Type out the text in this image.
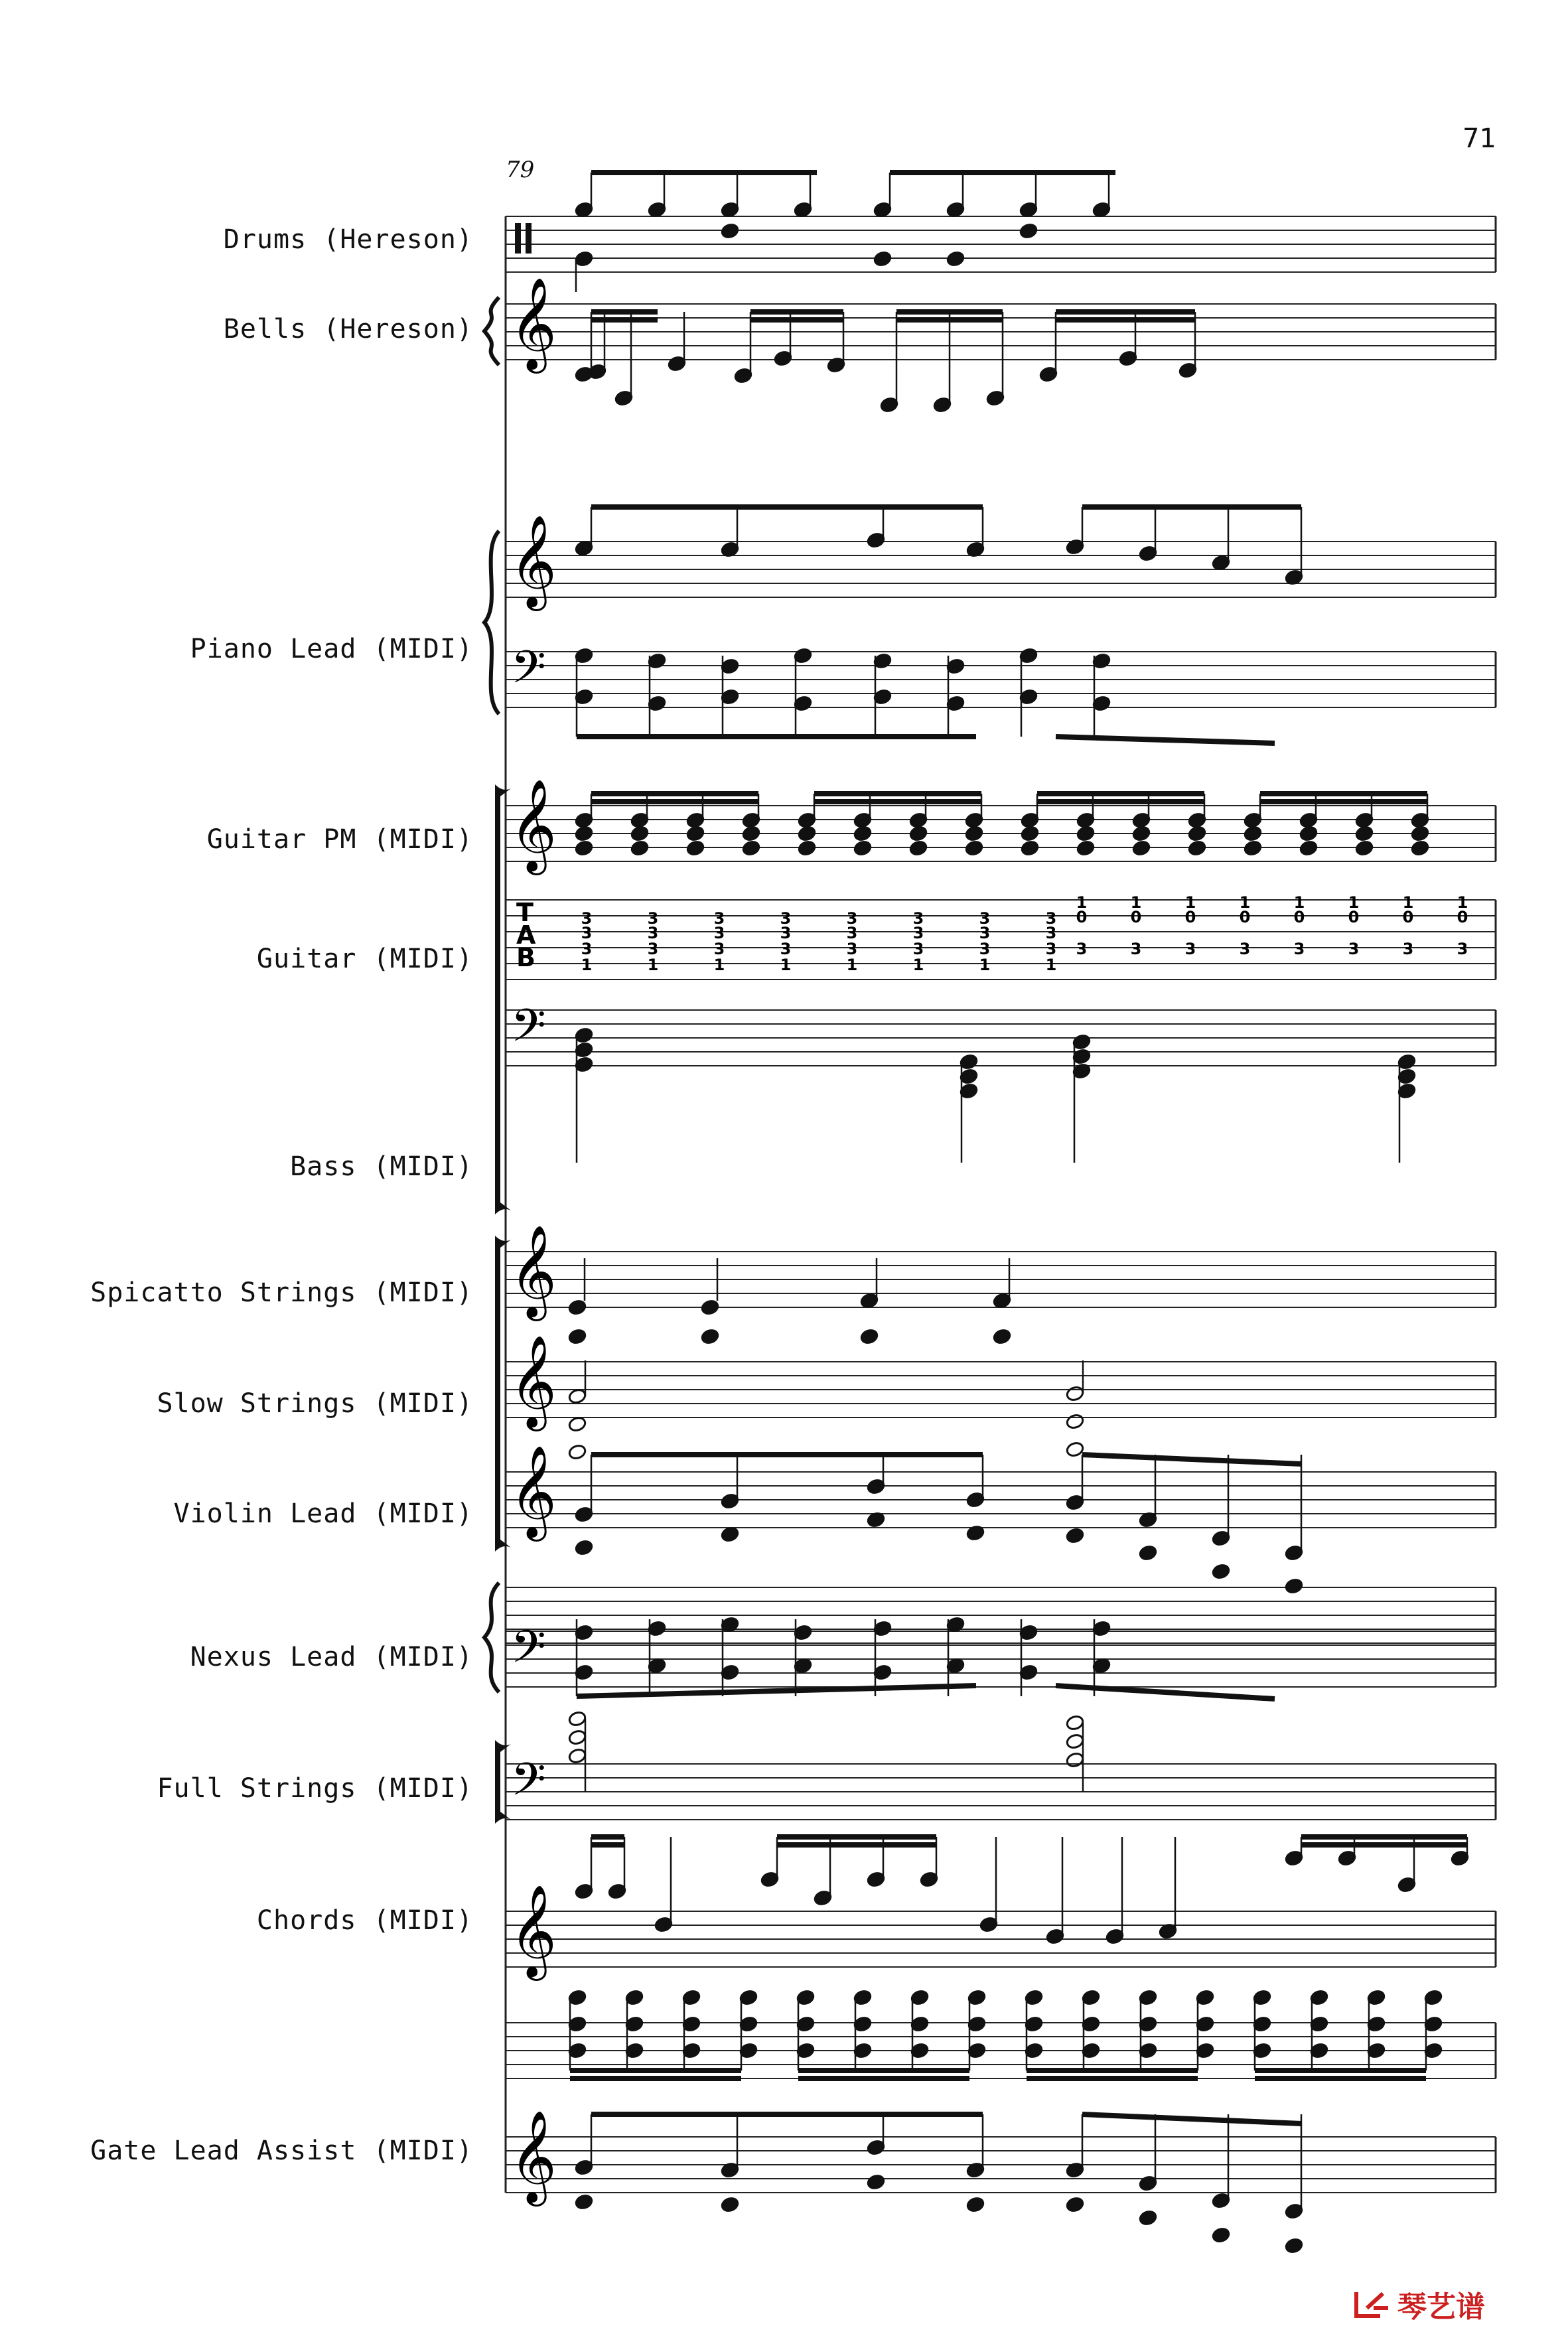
𝄞
𝄞
𝄢
𝄞
𝄢
𝄞
𝄞
𝄞
𝄢
𝄢
𝄞
𝄞
T
A
B
3
3
3
1
3
3
3
1
3
3
3
1
3
3
3
1
3
3
3
1
3
3
3
1
3
3
3
1
3
3
3
1
1
0
3
1
0
3
1
0
3
1
0
3
1
0
3
1
0
3
1
0
3
1
0
3
71
79
Drums (Hereson)
Bells (Hereson)
Piano Lead (MIDI)
Guitar PM (MIDI)
Guitar (MIDI)
Bass (MIDI)
Spicatto Strings (MIDI)
Slow Strings (MIDI)
Violin Lead (MIDI)
Nexus Lead (MIDI)
Full Strings (MIDI)
Chords (MIDI)
Gate Lead Assist (MIDI)
琴艺谱
